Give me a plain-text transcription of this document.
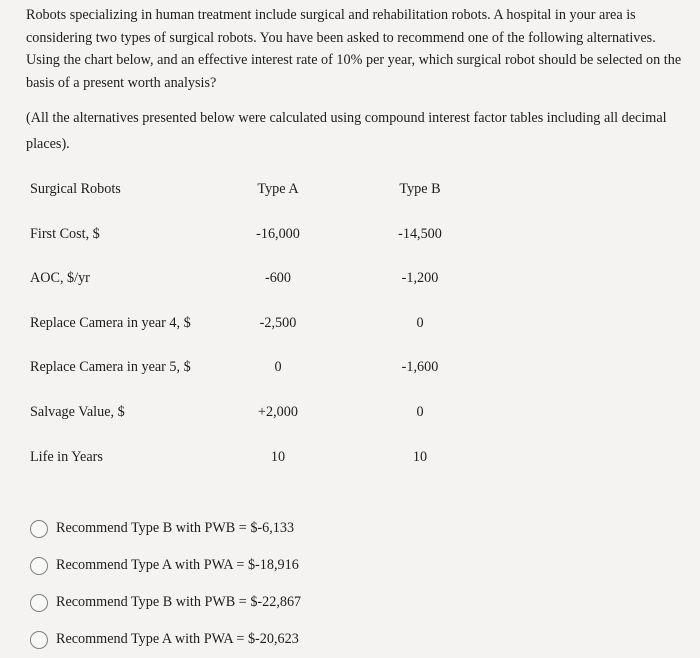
Robots specializing in human treatment include surgical and rehabilitation robots. A hospital in your area is considering two types of surgical robots. You have been asked to recommend one of the following alternatives. Using the chart below, and an effective interest rate of 10% per year, which surgical robot should be selected on the basis of a present worth analysis?
(All the alternatives presented below were calculated using compound interest factor tables including all decimal places).
Surgical Robots	Type A	Type B
First Cost, $	-16,000	-14,500
AOC, $/yr	-600	-1,200
Replace Camera in year 4, $	-2,500	0
Replace Camera in year 5, $	0	-1,600
Salvage Value, $	+2,000	0
Life in Years	10	10
Recommend Type B with PWB = $-6,133
Recommend Type A with PWA = $-18,916
Recommend Type B with PWB = $-22,867
Recommend Type A with PWA = $-20,623
